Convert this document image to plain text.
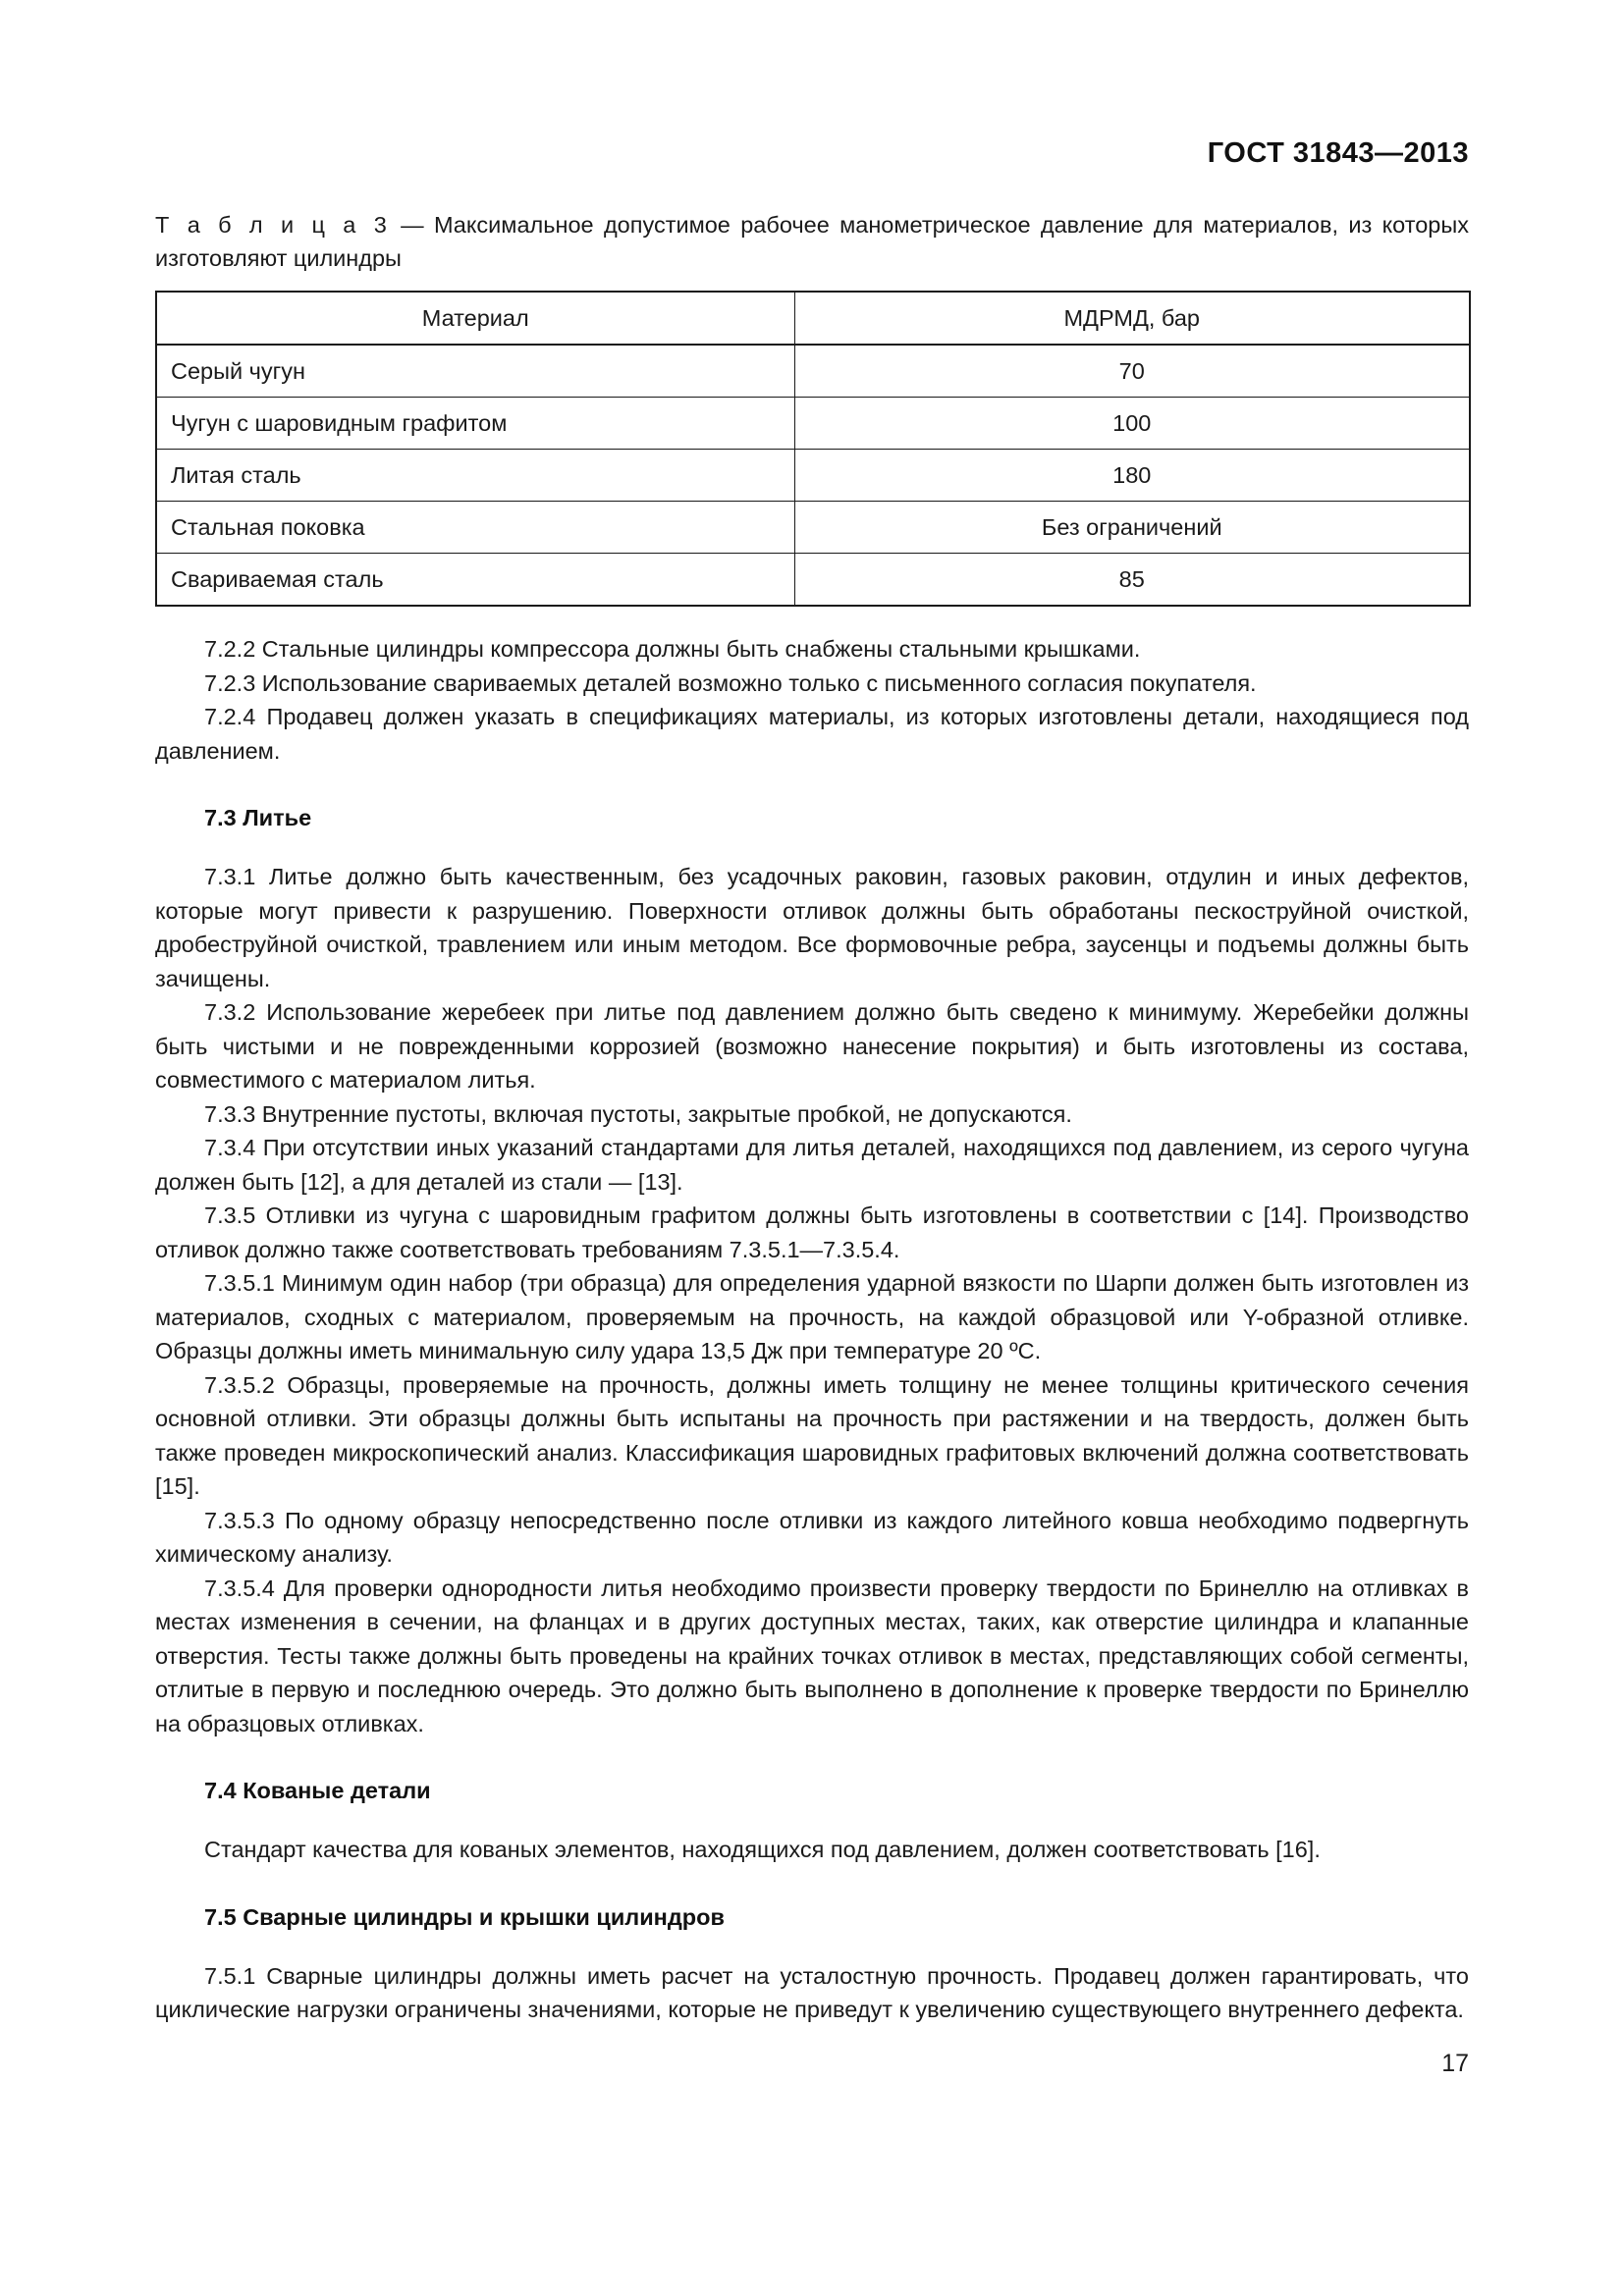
ГОСТ 31843—2013

Т а б л и ц а 3 — Максимальное допустимое рабочее манометрическое давление для материалов, из которых изготовляют цилиндры

Материал	МДРМД, бар
Серый чугун	70
Чугун с шаровидным графитом	100
Литая сталь	180
Стальная поковка	Без ограничений
Свариваемая сталь	85

7.2.2 Стальные цилиндры компрессора должны быть снабжены стальными крышками.

7.2.3 Использование свариваемых деталей возможно только с письменного согласия покупателя.

7.2.4 Продавец должен указать в спецификациях материалы, из которых изготовлены детали, находящиеся под давлением.

7.3 Литье

7.3.1 Литье должно быть качественным, без усадочных раковин, газовых раковин, отдулин и иных дефектов, которые могут привести к разрушению. Поверхности отливок должны быть обработаны пескоструйной очисткой, дробеструйной очисткой, травлением или иным методом. Все формовочные ребра, заусенцы и подъемы должны быть зачищены.

7.3.2 Использование жеребеек при литье под давлением должно быть сведено к минимуму. Жеребейки должны быть чистыми и не поврежденными коррозией (возможно нанесение покрытия) и быть изготовлены из состава, совместимого с материалом литья.

7.3.3 Внутренние пустоты, включая пустоты, закрытые пробкой, не допускаются.

7.3.4 При отсутствии иных указаний стандартами для литья деталей, находящихся под давлением, из серого чугуна должен быть [12], а для деталей из стали — [13].

7.3.5 Отливки из чугуна с шаровидным графитом должны быть изготовлены в соответствии с [14]. Производство отливок должно также соответствовать требованиям 7.3.5.1—7.3.5.4.

7.3.5.1 Минимум один набор (три образца) для определения ударной вязкости по Шарпи должен быть изготовлен из материалов, сходных с материалом, проверяемым на прочность, на каждой образцовой или Y-образной отливке. Образцы должны иметь минимальную силу удара 13,5 Дж при температуре 20 ºС.

7.3.5.2 Образцы, проверяемые на прочность, должны иметь толщину не менее толщины критического сечения основной отливки. Эти образцы должны быть испытаны на прочность при растяжении и на твердость, должен быть также проведен микроскопический анализ. Классификация шаровидных графитовых включений должна соответствовать [15].

7.3.5.3 По одному образцу непосредственно после отливки из каждого литейного ковша необходимо подвергнуть химическому анализу.

7.3.5.4 Для проверки однородности литья необходимо произвести проверку твердости по Бринеллю на отливках в местах изменения в сечении, на фланцах и в других доступных местах, таких, как отверстие цилиндра и клапанные отверстия. Тесты также должны быть проведены на крайних точках отливок в местах, представляющих собой сегменты, отлитые в первую и последнюю очередь. Это должно быть выполнено в дополнение к проверке твердости по Бринеллю на образцовых отливках.

7.4 Кованые детали

Стандарт качества для кованых элементов, находящихся под давлением, должен соответствовать [16].

7.5 Сварные цилиндры и крышки цилиндров

7.5.1 Сварные цилиндры должны иметь расчет на усталостную прочность. Продавец должен гарантировать, что циклические нагрузки ограничены значениями, которые не приведут к увеличению существующего внутреннего дефекта.

17
